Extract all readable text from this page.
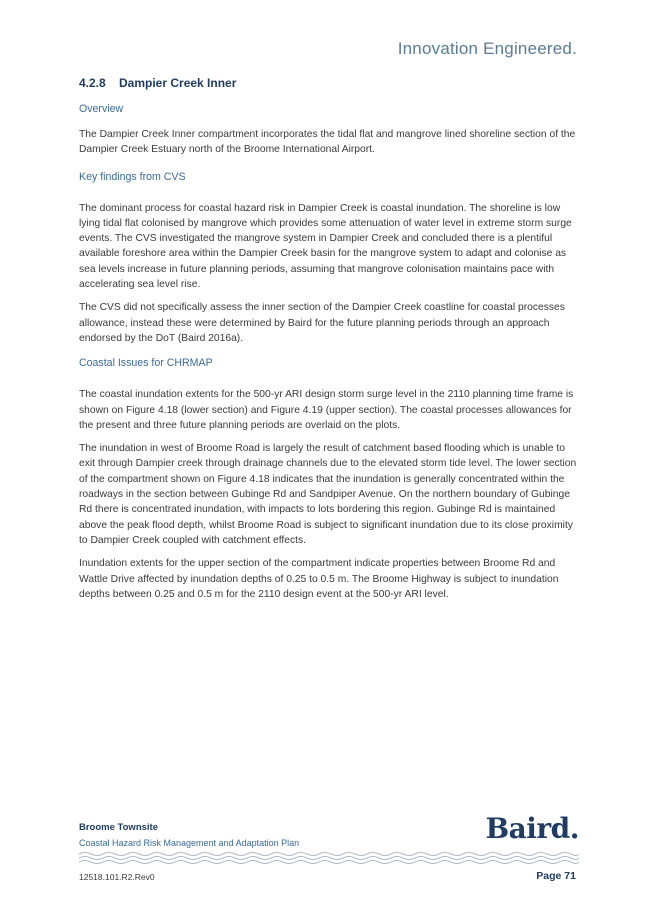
Innovation Engineered.
4.2.8 Dampier Creek Inner
Overview

The Dampier Creek Inner compartment incorporates the tidal flat and mangrove lined shoreline section of the Dampier Creek Estuary north of the Broome International Airport.

Key findings from CVS

The dominant process for coastal hazard risk in Dampier Creek is coastal inundation. The shoreline is low lying tidal flat colonised by mangrove which provides some attenuation of water level in extreme storm surge events. The CVS investigated the mangrove system in Dampier Creek and concluded there is a plentiful available foreshore area within the Dampier Creek basin for the mangrove system to adapt and colonise as sea levels increase in future planning periods, assuming that mangrove colonisation maintains pace with accelerating sea level rise.

The CVS did not specifically assess the inner section of the Dampier Creek coastline for coastal processes allowance, instead these were determined by Baird for the future planning periods through an approach endorsed by the DoT (Baird 2016a).

Coastal Issues for CHRMAP

The coastal inundation extents for the 500-yr ARI design storm surge level in the 2110 planning time frame is shown on Figure 4.18 (lower section) and Figure 4.19 (upper section). The coastal processes allowances for the present and three future planning periods are overlaid on the plots.

The inundation in west of Broome Road is largely the result of catchment based flooding which is unable to exit through Dampier creek through drainage channels due to the elevated storm tide level. The lower section of the compartment shown on Figure 4.18 indicates that the inundation is generally concentrated within the roadways in the section between Gubinge Rd and Sandpiper Avenue. On the northern boundary of Gubinge Rd there is concentrated inundation, with impacts to lots bordering this region. Gubinge Rd is maintained above the peak flood depth, whilst Broome Road is subject to significant inundation due to its close proximity to Dampier Creek coupled with catchment effects.

Inundation extents for the upper section of the compartment indicate properties between Broome Rd and Wattle Drive affected by inundation depths of 0.25 to 0.5 m. The Broome Highway is subject to inundation depths between 0.25 and 0.5 m for the 2110 design event at the 500-yr ARI level.

Broome Townsite
Coastal Hazard Risk Management and Adaptation Plan	Baird.
12518.101.R2.Rev0	Page 71
